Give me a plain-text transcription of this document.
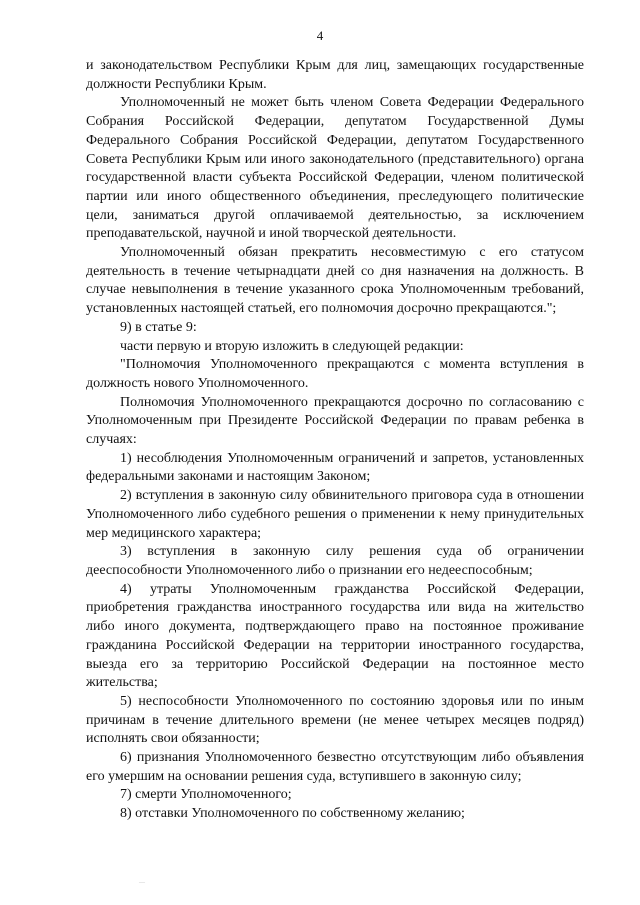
4

и законодательством Республики Крым для лиц, замещающих государственные должности Республики Крым.

Уполномоченный не может быть членом Совета Федерации Федерального Собрания Российской Федерации, депутатом Государственной Думы Федерального Собрания Российской Федерации, депутатом Государственного Совета Республики Крым или иного законодательного (представительного) органа государственной власти субъекта Российской Федерации, членом политической партии или иного общественного объединения, преследующего политические цели, заниматься другой оплачиваемой деятельностью, за исключением преподавательской, научной и иной творческой деятельности.

Уполномоченный обязан прекратить несовместимую с его статусом деятельность в течение четырнадцати дней со дня назначения на должность. В случае невыполнения в течение указанного срока Уполномоченным требований, установленных настоящей статьей, его полномочия досрочно прекращаются.";

9) в статье 9:

части первую и вторую изложить в следующей редакции:

"Полномочия Уполномоченного прекращаются с момента вступления в должность нового Уполномоченного.

Полномочия Уполномоченного прекращаются досрочно по согласованию с Уполномоченным при Президенте Российской Федерации по правам ребенка в случаях:

1) несоблюдения Уполномоченным ограничений и запретов, установленных федеральными законами и настоящим Законом;

2) вступления в законную силу обвинительного приговора суда в отношении Уполномоченного либо судебного решения о применении к нему принудительных мер медицинского характера;

3) вступления в законную силу решения суда об ограничении дееспособности Уполномоченного либо о признании его недееспособным;

4) утраты Уполномоченным гражданства Российской Федерации, приобретения гражданства иностранного государства или вида на жительство либо иного документа, подтверждающего право на постоянное проживание гражданина Российской Федерации на территории иностранного государства, выезда его за территорию Российской Федерации на постоянное место жительства;

5) неспособности Уполномоченного по состоянию здоровья или по иным причинам в течение длительного времени (не менее четырех месяцев подряд) исполнять свои обязанности;

6) признания Уполномоченного безвестно отсутствующим либо объявления его умершим на основании решения суда, вступившего в законную силу;

7) смерти Уполномоченного;

8) отставки Уполномоченного по собственному желанию;

—
